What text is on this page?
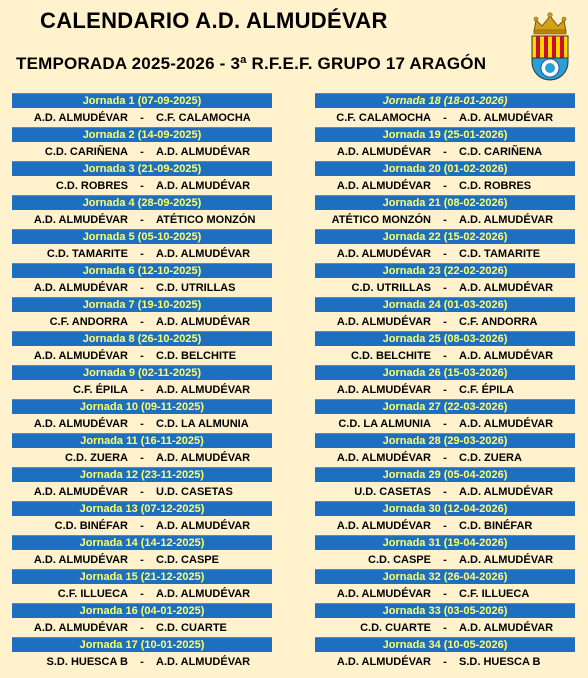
CALENDARIO A.D. ALMUDÉVAR
TEMPORADA 2025-2026 - 3ª R.F.E.F. GRUPO 17 ARAGÓN
Jornada 1 (07-09-2025)
A.D. ALMUDÉVAR	-	C.F. CALAMOCHA
Jornada 2 (14-09-2025)
C.D. CARIÑENA	-	A.D. ALMUDÉVAR
Jornada 3 (21-09-2025)
C.D. ROBRES	-	A.D. ALMUDÉVAR
Jornada 4 (28-09-2025)
A.D. ALMUDÉVAR	-	ATÉTICO MONZÓN
Jornada 5 (05-10-2025)
C.D. TAMARITE	-	A.D. ALMUDÉVAR
Jornada 6 (12-10-2025)
A.D. ALMUDÉVAR	-	C.D. UTRILLAS
Jornada 7 (19-10-2025)
C.F. ANDORRA	-	A.D. ALMUDÉVAR
Jornada 8 (26-10-2025)
A.D. ALMUDÉVAR	-	C.D. BELCHITE
Jornada 9 (02-11-2025)
C.F. ÉPILA	-	A.D. ALMUDÉVAR
Jornada 10 (09-11-2025)
A.D. ALMUDÉVAR	-	C.D. LA ALMUNIA
Jornada 11 (16-11-2025)
C.D. ZUERA	-	A.D. ALMUDÉVAR
Jornada 12 (23-11-2025)
A.D. ALMUDÉVAR	-	U.D. CASETAS
Jornada 13 (07-12-2025)
C.D. BINÉFAR	-	A.D. ALMUDÉVAR
Jornada 14 (14-12-2025)
A.D. ALMUDÉVAR	-	C.D. CASPE
Jornada 15 (21-12-2025)
C.F. ILLUECA	-	A.D. ALMUDÉVAR
Jornada 16 (04-01-2025)
A.D. ALMUDÉVAR	-	C.D. CUARTE
Jornada 17 (10-01-2025)
S.D. HUESCA B	-	A.D. ALMUDÉVAR
Jornada 18 (18-01-2026)
C.F. CALAMOCHA	-	A.D. ALMUDÉVAR
Jornada 19 (25-01-2026)
A.D. ALMUDÉVAR	-	C.D. CARIÑENA
Jornada 20 (01-02-2026)
A.D. ALMUDÉVAR	-	C.D. ROBRES
Jornada 21 (08-02-2026)
ATÉTICO MONZÓN	-	A.D. ALMUDÉVAR
Jornada 22 (15-02-2026)
A.D. ALMUDÉVAR	-	C.D. TAMARITE
Jornada 23 (22-02-2026)
C.D. UTRILLAS	-	A.D. ALMUDÉVAR
Jornada 24 (01-03-2026)
A.D. ALMUDÉVAR	-	C.F. ANDORRA
Jornada 25 (08-03-2026)
C.D. BELCHITE	-	A.D. ALMUDÉVAR
Jornada 26 (15-03-2026)
A.D. ALMUDÉVAR	-	C.F. ÉPILA
Jornada 27 (22-03-2026)
C.D. LA ALMUNIA	-	A.D. ALMUDÉVAR
Jornada 28 (29-03-2026)
A.D. ALMUDÉVAR	-	C.D. ZUERA
Jornada 29 (05-04-2026)
U.D. CASETAS	-	A.D. ALMUDÉVAR
Jornada 30 (12-04-2026)
A.D. ALMUDÉVAR	-	C.D. BINÉFAR
Jornada 31 (19-04-2026)
C.D. CASPE	-	A.D. ALMUDÉVAR
Jornada 32 (26-04-2026)
A.D. ALMUDÉVAR	-	C.F. ILLUECA
Jornada 33 (03-05-2026)
C.D. CUARTE	-	A.D. ALMUDÉVAR
Jornada 34 (10-05-2026)
A.D. ALMUDÉVAR	-	S.D. HUESCA B
